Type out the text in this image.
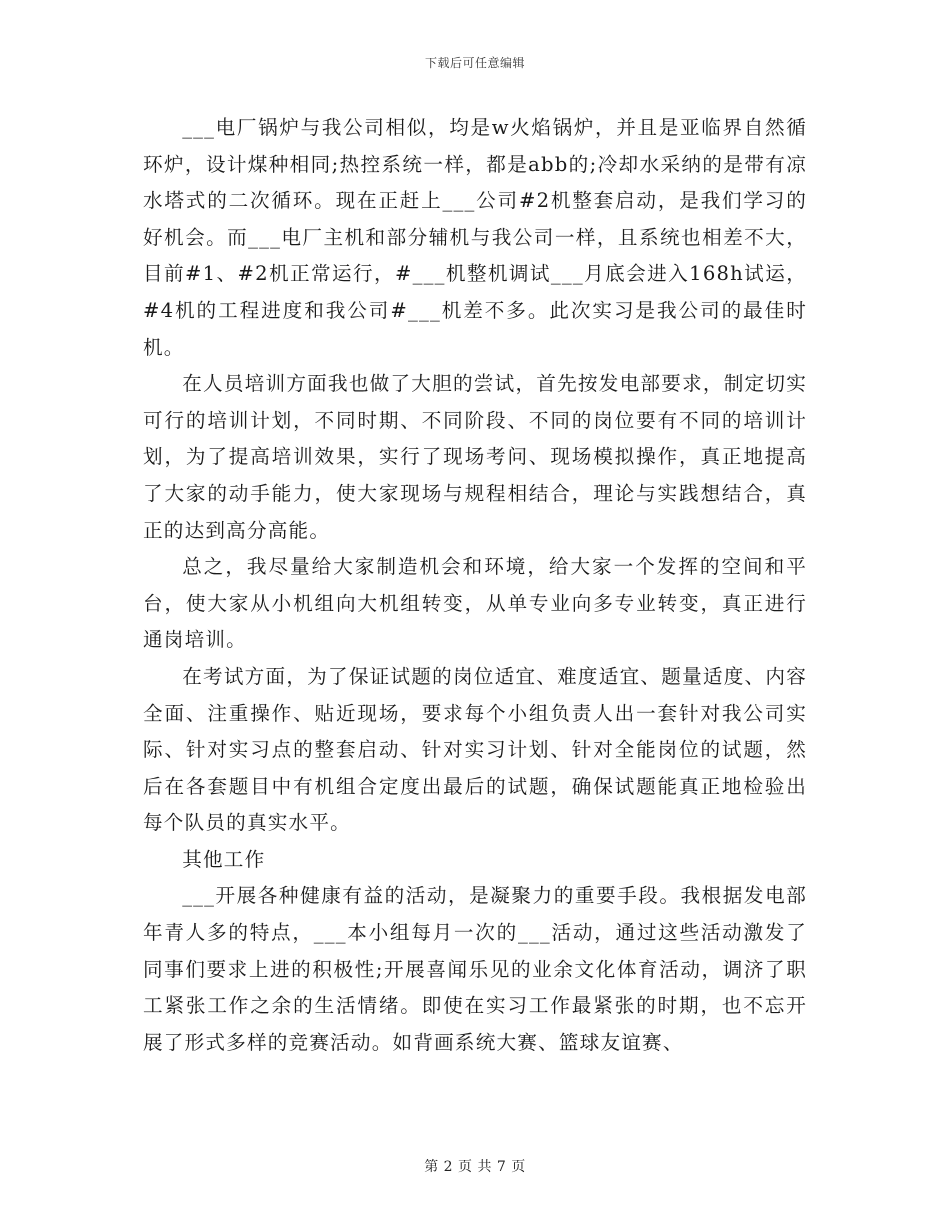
下载后可任意编辑

___电厂锅炉与我公司相似，均是w火焰锅炉，并且是亚临界自然循环炉，设计煤种相同;热控系统一样，都是abb的;冷却水采纳的是带有凉水塔式的二次循环。现在正赶上___公司#2机整套启动，是我们学习的好机会。而___电厂主机和部分辅机与我公司一样，且系统也相差不大，目前#1、#2机正常运行，#___机整机调试___月底会进入168h试运，#4机的工程进度和我公司#___机差不多。此次实习是我公司的最佳时机。

在人员培训方面我也做了大胆的尝试，首先按发电部要求，制定切实可行的培训计划，不同时期、不同阶段、不同的岗位要有不同的培训计划，为了提高培训效果，实行了现场考问、现场模拟操作，真正地提高了大家的动手能力，使大家现场与规程相结合，理论与实践想结合，真正的达到高分高能。

总之，我尽量给大家制造机会和环境，给大家一个发挥的空间和平台，使大家从小机组向大机组转变，从单专业向多专业转变，真正进行通岗培训。

在考试方面，为了保证试题的岗位适宜、难度适宜、题量适度、内容全面、注重操作、贴近现场，要求每个小组负责人出一套针对我公司实际、针对实习点的整套启动、针对实习计划、针对全能岗位的试题，然后在各套题目中有机组合定度出最后的试题，确保试题能真正地检验出每个队员的真实水平。

其他工作

___开展各种健康有益的活动，是凝聚力的重要手段。我根据发电部年青人多的特点，___本小组每月一次的___活动，通过这些活动激发了同事们要求上进的积极性;开展喜闻乐见的业余文化体育活动，调济了职工紧张工作之余的生活情绪。即使在实习工作最紧张的时期，也不忘开展了形式多样的竞赛活动。如背画系统大赛、篮球友谊赛、

第 2 页 共 7 页
